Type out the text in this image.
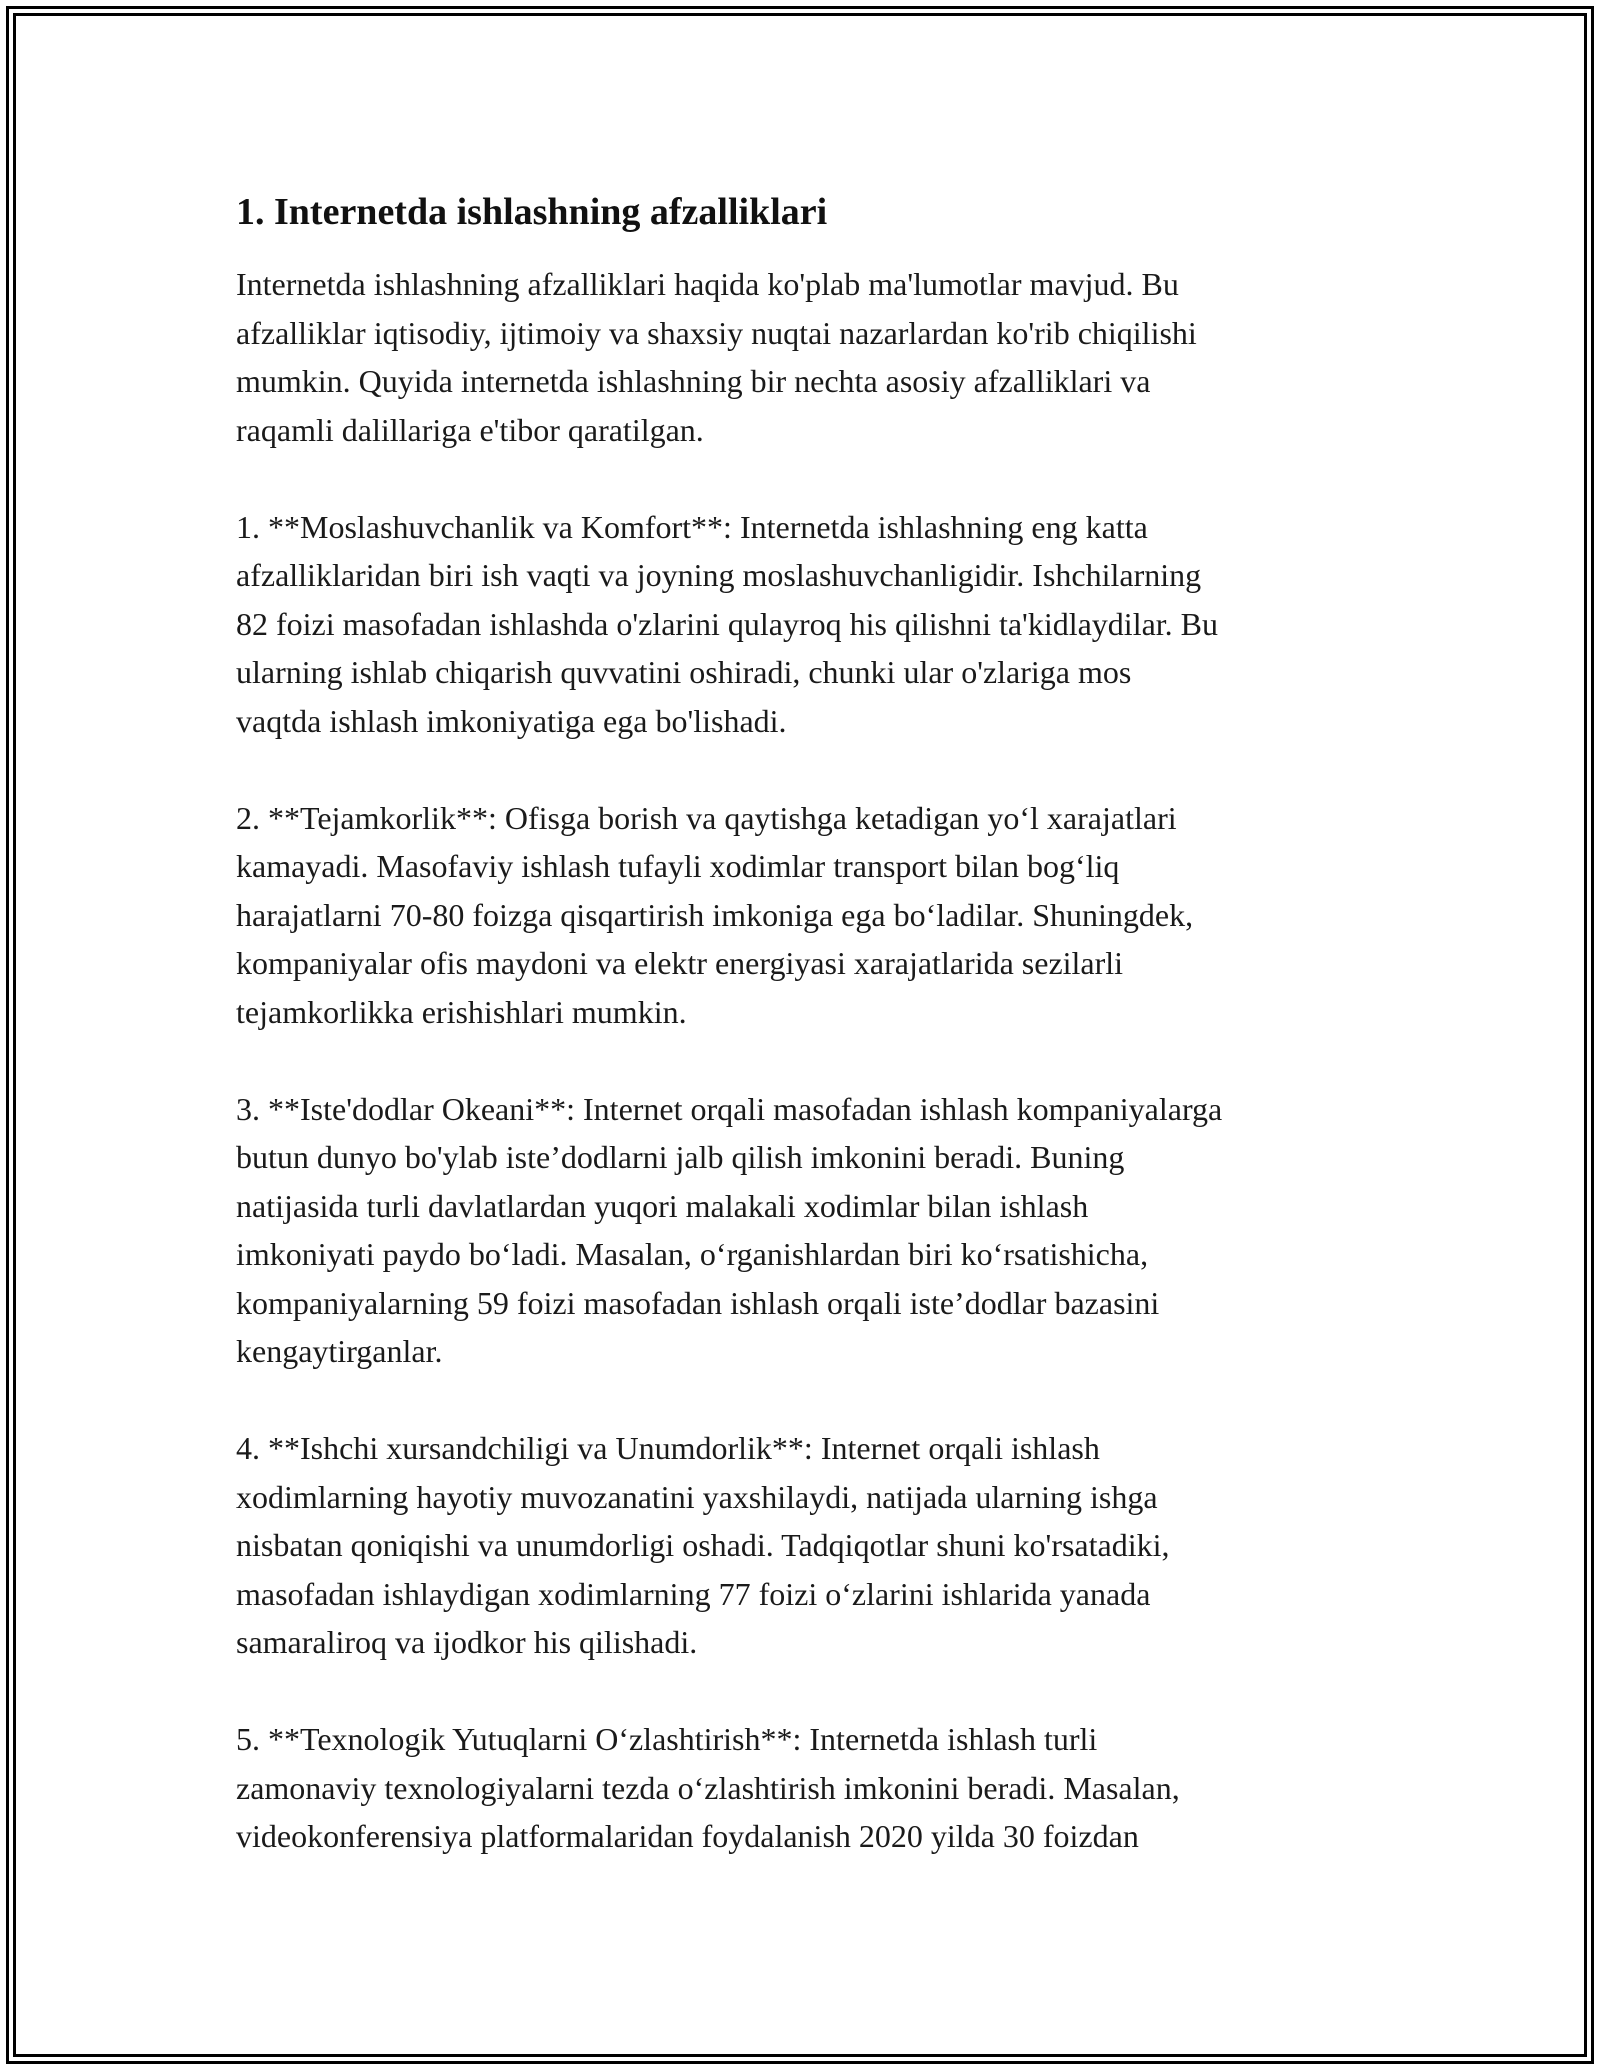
1. Internetda ishlashning afzalliklari
Internetda ishlashning afzalliklari haqida ko'plab ma'lumotlar mavjud. Bu
afzalliklar iqtisodiy, ijtimoiy va shaxsiy nuqtai nazarlardan ko'rib chiqilishi
mumkin. Quyida internetda ishlashning bir nechta asosiy afzalliklari va
raqamli dalillariga e'tibor qaratilgan.
1. **Moslashuvchanlik va Komfort**: Internetda ishlashning eng katta
afzalliklaridan biri ish vaqti va joyning moslashuvchanligidir. Ishchilarning
82 foizi masofadan ishlashda o'zlarini qulayroq his qilishni ta'kidlaydilar. Bu
ularning ishlab chiqarish quvvatini oshiradi, chunki ular o'zlariga mos
vaqtda ishlash imkoniyatiga ega bo'lishadi.
2. **Tejamkorlik**: Ofisga borish va qaytishga ketadigan yo‘l xarajatlari
kamayadi. Masofaviy ishlash tufayli xodimlar transport bilan bog‘liq
harajatlarni 70-80 foizga qisqartirish imkoniga ega bo‘ladilar. Shuningdek,
kompaniyalar ofis maydoni va elektr energiyasi xarajatlarida sezilarli
tejamkorlikka erishishlari mumkin.
3. **Iste'dodlar Okeani**: Internet orqali masofadan ishlash kompaniyalarga
butun dunyo bo'ylab iste’dodlarni jalb qilish imkonini beradi. Buning
natijasida turli davlatlardan yuqori malakali xodimlar bilan ishlash
imkoniyati paydo bo‘ladi. Masalan, o‘rganishlardan biri ko‘rsatishicha,
kompaniyalarning 59 foizi masofadan ishlash orqali iste’dodlar bazasini
kengaytirganlar.
4. **Ishchi xursandchiligi va Unumdorlik**: Internet orqali ishlash
xodimlarning hayotiy muvozanatini yaxshilaydi, natijada ularning ishga
nisbatan qoniqishi va unumdorligi oshadi. Tadqiqotlar shuni ko'rsatadiki,
masofadan ishlaydigan xodimlarning 77 foizi o‘zlarini ishlarida yanada
samaraliroq va ijodkor his qilishadi.
5. **Texnologik Yutuqlarni O‘zlashtirish**: Internetda ishlash turli
zamonaviy texnologiyalarni tezda o‘zlashtirish imkonini beradi. Masalan,
videokonferensiya platformalaridan foydalanish 2020 yilda 30 foizdan
